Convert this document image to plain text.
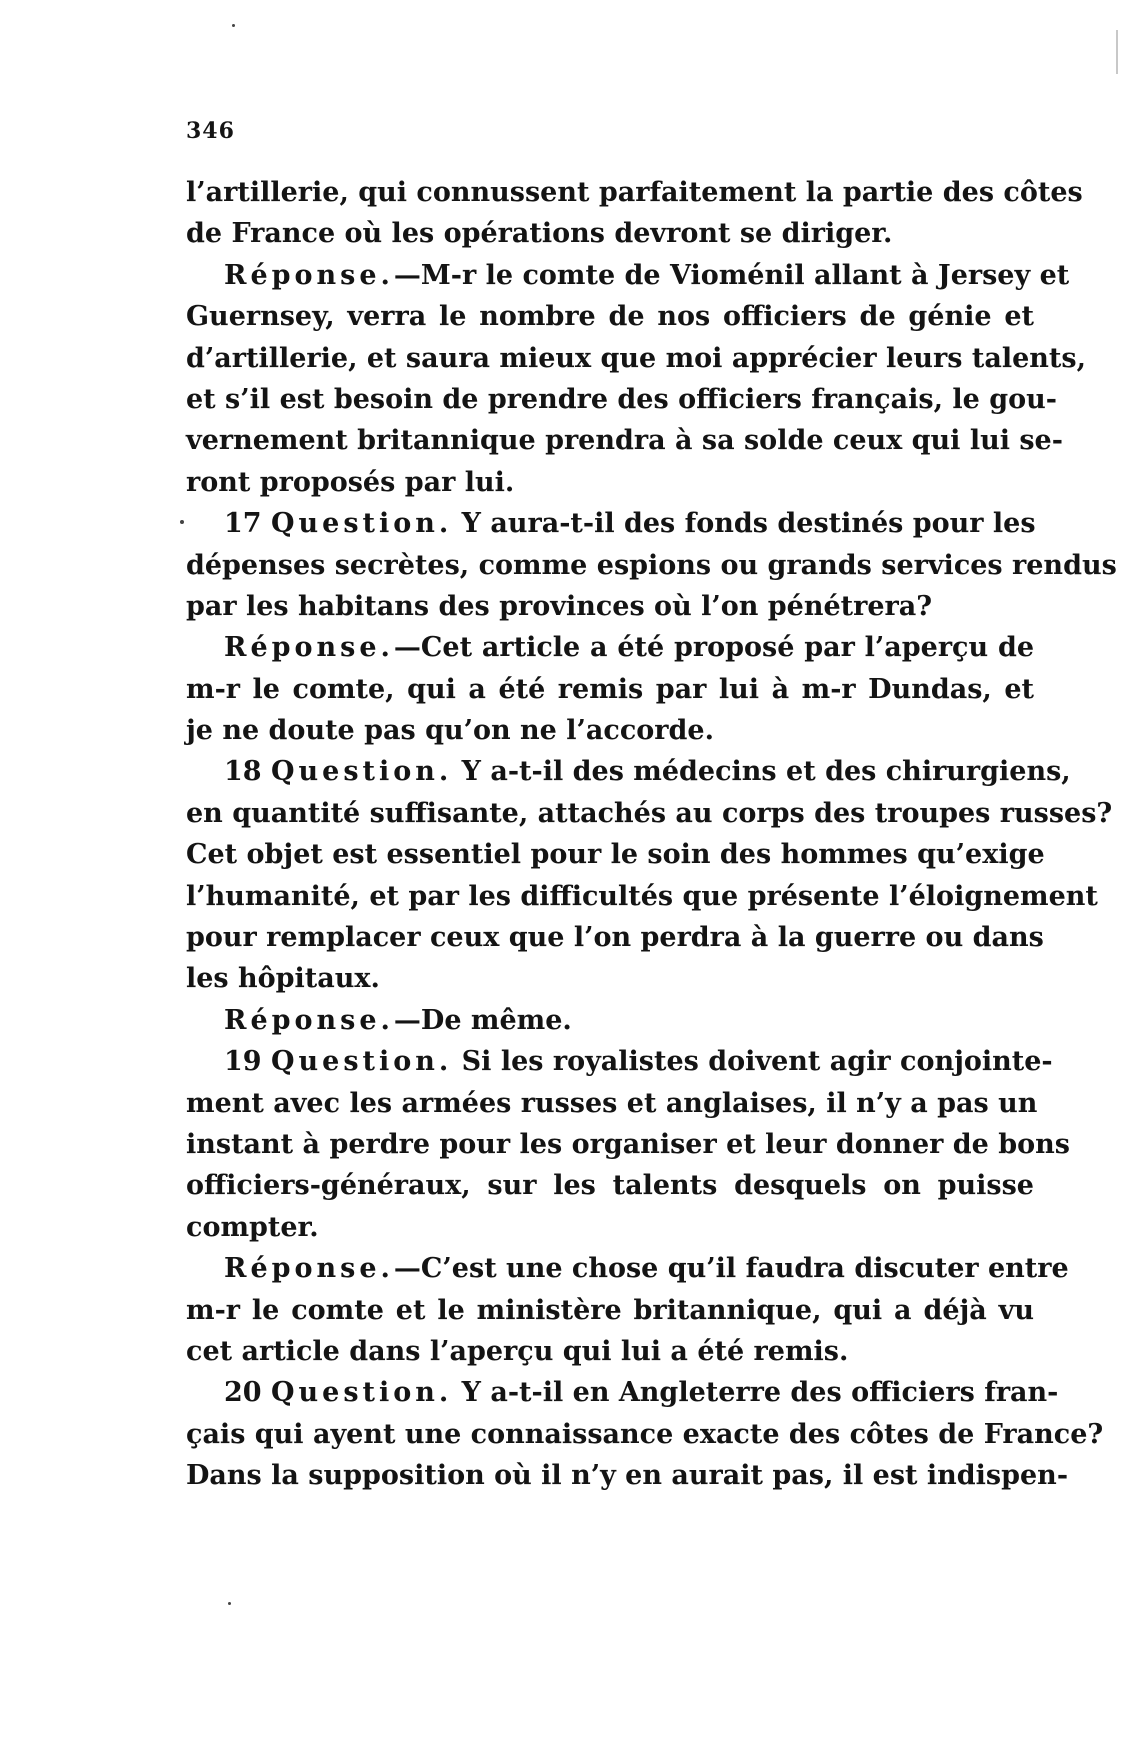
346
l’artillerie, qui connussent parfaitement la partie des côtes
de France où les opérations devront se diriger.
Réponse.—M-r le comte de Vioménil allant à Jersey et
Guernsey, verra le nombre de nos officiers de génie et
d’artillerie, et saura mieux que moi apprécier leurs talents,
et s’il est besoin de prendre des officiers français, le gou-
vernement britannique prendra à sa solde ceux qui lui se-
ront proposés par lui.
17 Question. Y aura-t-il des fonds destinés pour les
dépenses secrètes, comme espions ou grands services rendus
par les habitans des provinces où l’on pénétrera?
Réponse.—Cet article a été proposé par l’aperçu de
m-r le comte, qui a été remis par lui à m-r Dundas, et
je ne doute pas qu’on ne l’accorde.
18 Question. Y a-t-il des médecins et des chirurgiens,
en quantité suffisante, attachés au corps des troupes russes?
Cet objet est essentiel pour le soin des hommes qu’exige
l’humanité, et par les difficultés que présente l’éloignement
pour remplacer ceux que l’on perdra à la guerre ou dans
les hôpitaux.
Réponse.—De même.
19 Question. Si les royalistes doivent agir conjointe-
ment avec les armées russes et anglaises, il n’y a pas un
instant à perdre pour les organiser et leur donner de bons
officiers-généraux, sur les talents desquels on puisse
compter.
Réponse.—C’est une chose qu’il faudra discuter entre
m-r le comte et le ministère britannique, qui a déjà vu
cet article dans l’aperçu qui lui a été remis.
20 Question. Y a-t-il en Angleterre des officiers fran-
çais qui ayent une connaissance exacte des côtes de France?
Dans la supposition où il n’y en aurait pas, il est indispen-
